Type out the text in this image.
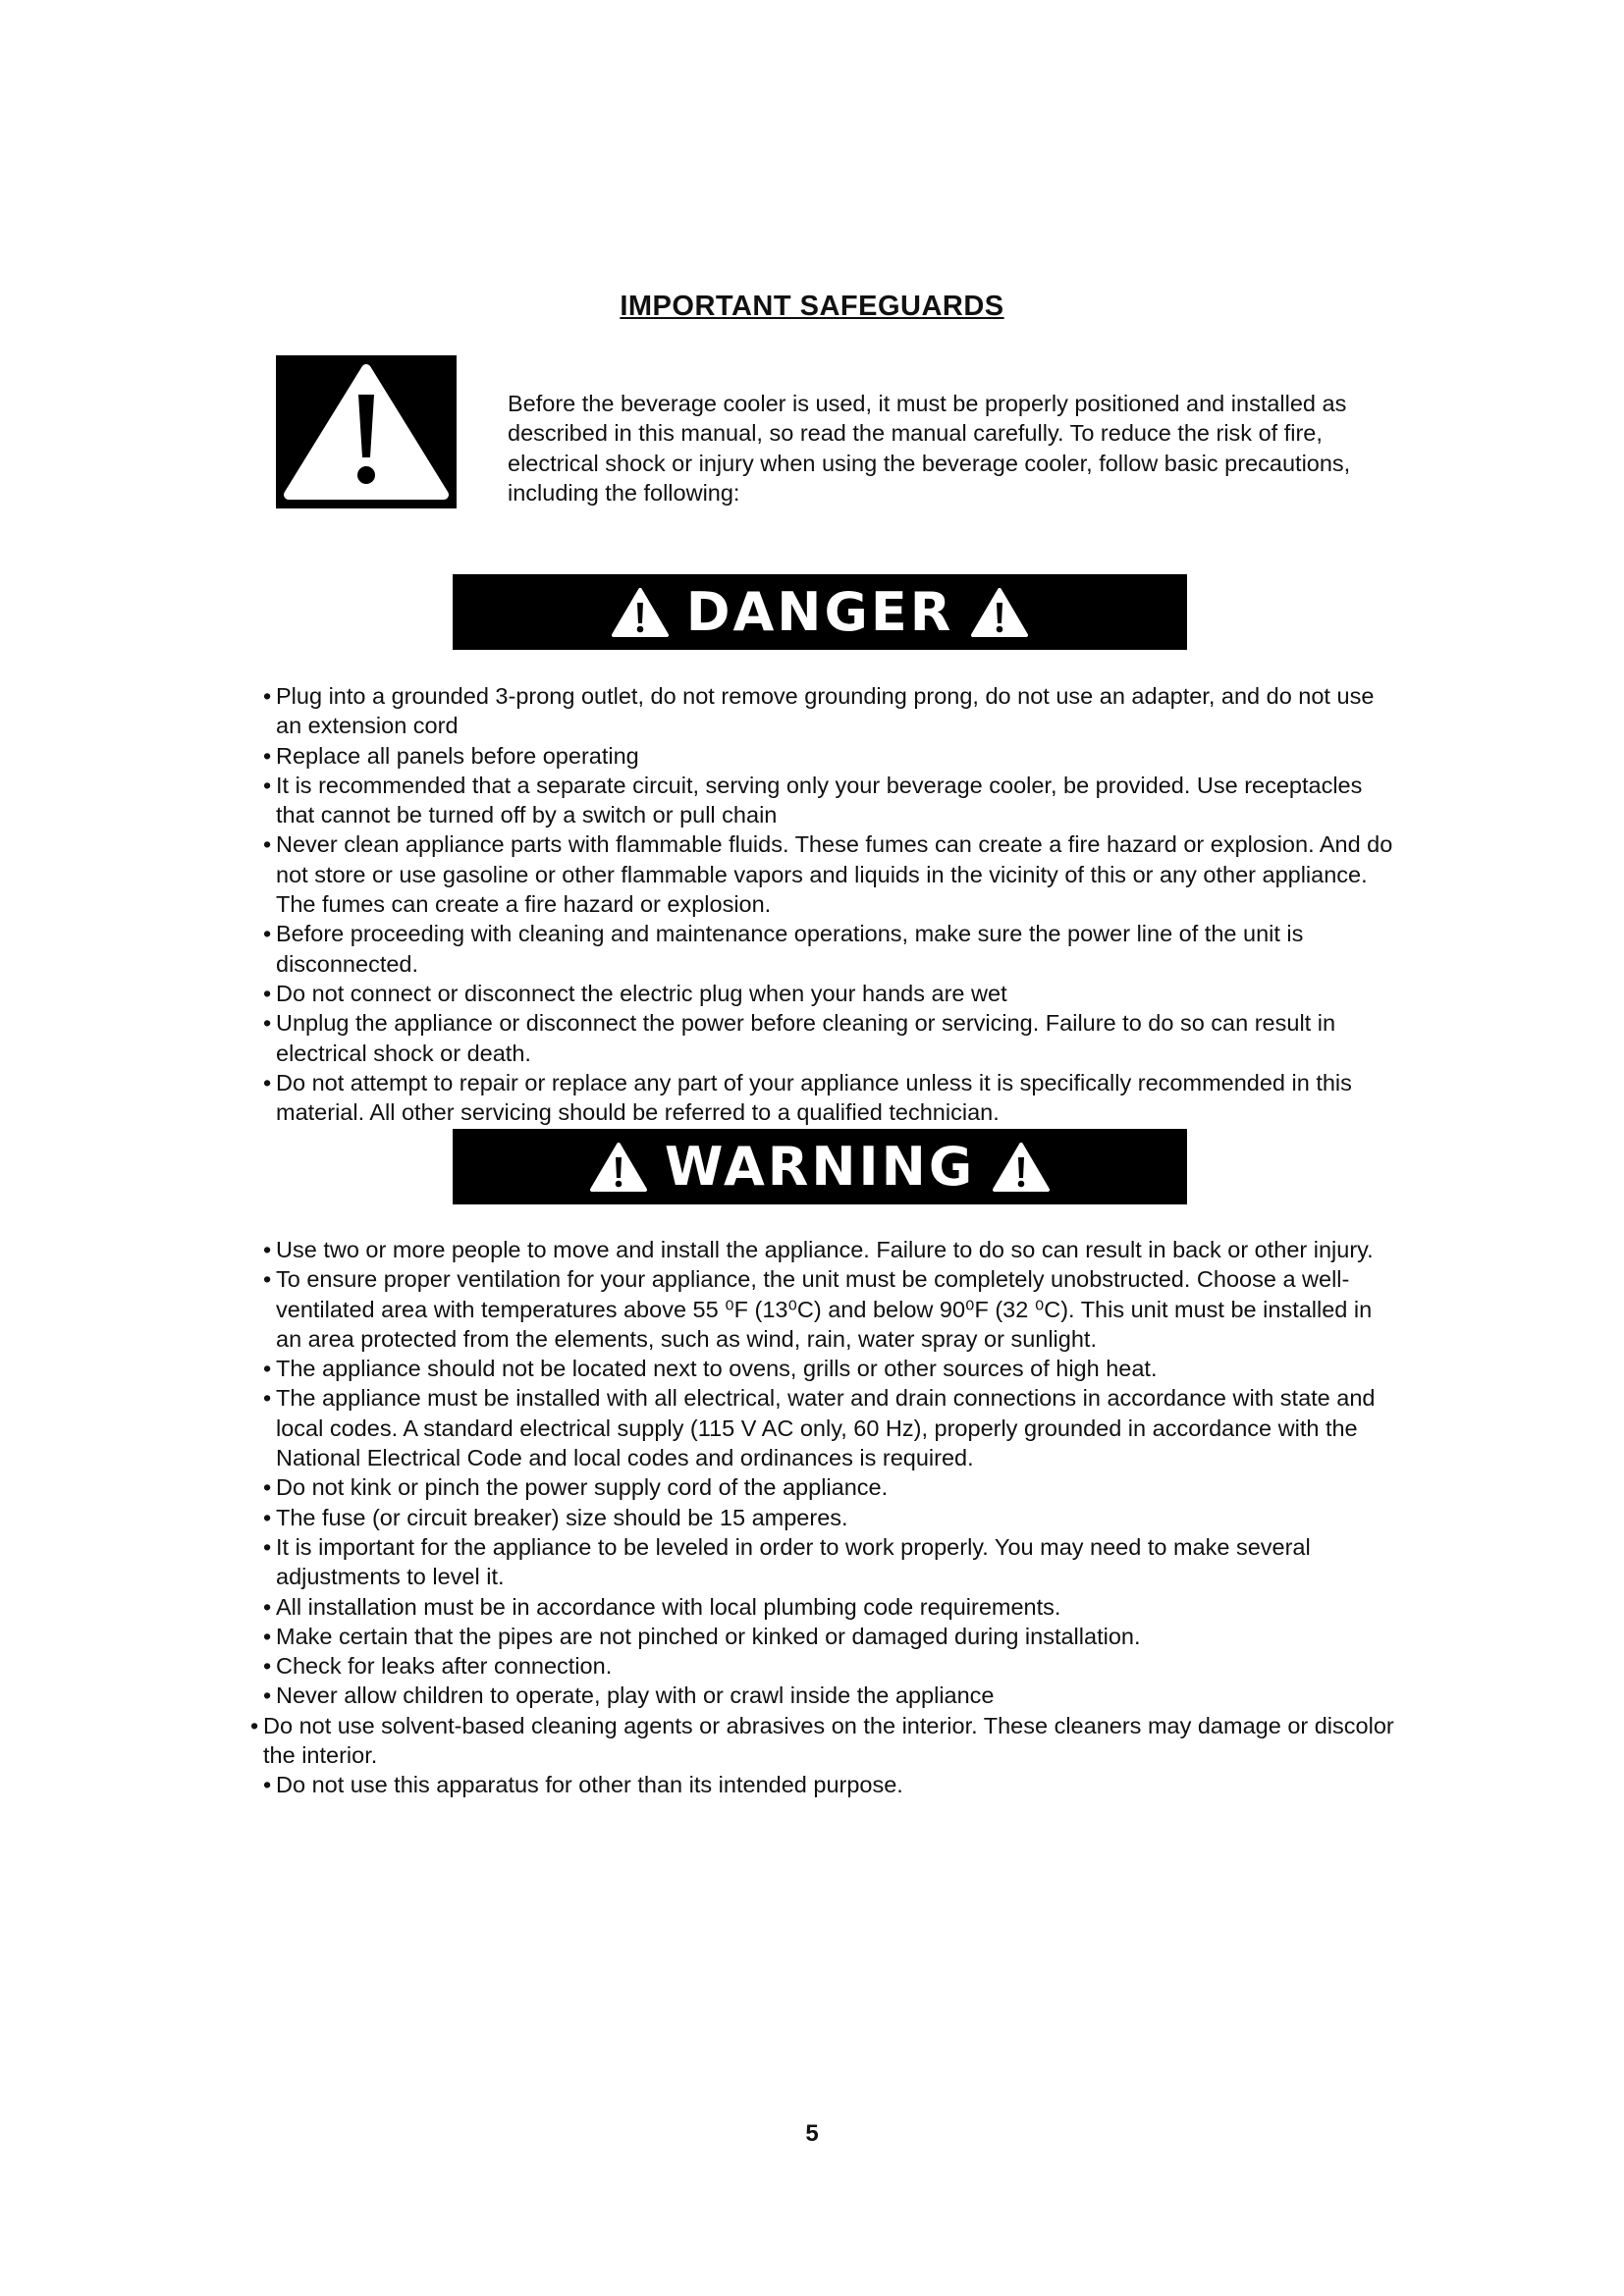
IMPORTANT SAFEGUARDS
Before the beverage cooler is used, it must be properly positioned and installed as described in this manual, so read the manual carefully. To reduce the risk of fire, electrical shock or injury when using the beverage cooler, follow basic precautions, including the following:
DANGER
• Plug into a grounded 3-prong outlet, do not remove grounding prong, do not use an adapter, and do not use an extension cord
• Replace all panels before operating
• It is recommended that a separate circuit, serving only your beverage cooler, be provided. Use receptacles that cannot be turned off by a switch or pull chain
• Never clean appliance parts with flammable fluids. These fumes can create a fire hazard or explosion. And do not store or use gasoline or other flammable vapors and liquids in the vicinity of this or any other appliance. The fumes can create a fire hazard or explosion.
• Before proceeding with cleaning and maintenance operations, make sure the power line of the unit is disconnected.
• Do not connect or disconnect the electric plug when your hands are wet
• Unplug the appliance or disconnect the power before cleaning or servicing. Failure to do so can result in electrical shock or death.
• Do not attempt to repair or replace any part of your appliance unless it is specifically recommended in this material. All other servicing should be referred to a qualified technician.
WARNING
• Use two or more people to move and install the appliance. Failure to do so can result in back or other injury.
• To ensure proper ventilation for your appliance, the unit must be completely unobstructed. Choose a well-ventilated area with temperatures above 55 ⁰F (13⁰C) and below 90⁰F (32 ⁰C). This unit must be installed in an area protected from the elements, such as wind, rain, water spray or sunlight.
• The appliance should not be located next to ovens, grills or other sources of high heat.
• The appliance must be installed with all electrical, water and drain connections in accordance with state and local codes. A standard electrical supply (115 V AC only, 60 Hz), properly grounded in accordance with the National Electrical Code and local codes and ordinances is required.
• Do not kink or pinch the power supply cord of the appliance.
• The fuse (or circuit breaker) size should be 15 amperes.
• It is important for the appliance to be leveled in order to work properly. You may need to make several adjustments to level it.
• All installation must be in accordance with local plumbing code requirements.
• Make certain that the pipes are not pinched or kinked or damaged during installation.
• Check for leaks after connection.
• Never allow children to operate, play with or crawl inside the appliance
• Do not use solvent-based cleaning agents or abrasives on the interior. These cleaners may damage or discolor the interior.
• Do not use this apparatus for other than its intended purpose.
5
